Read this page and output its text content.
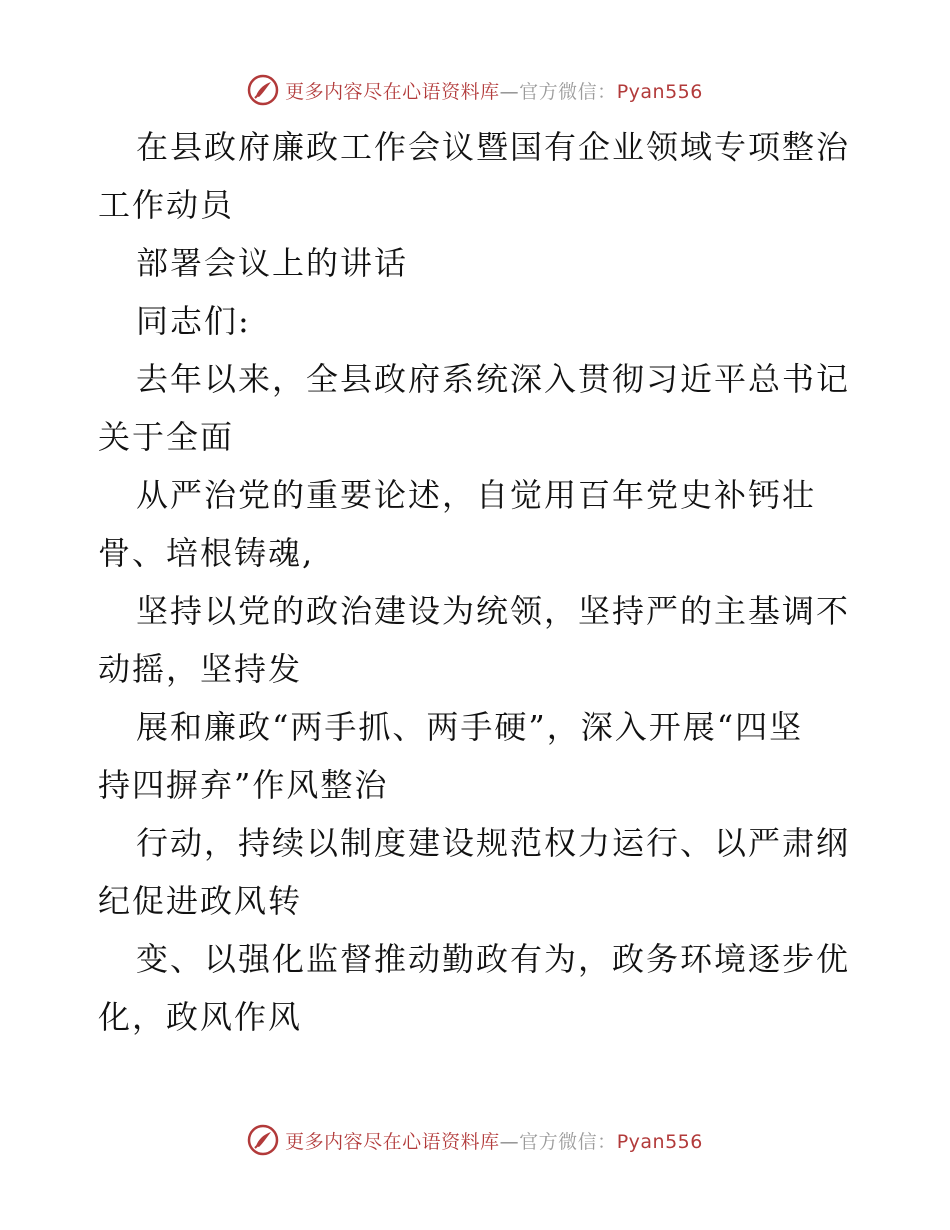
更多内容尽在心语资料库—官方微信：Pyan556
在县政府廉政工作会议暨国有企业领域专项整治
工作动员
部署会议上的讲话
同志们:
去年以来，全县政府系统深入贯彻习近平总书记
关于全面
从严治党的重要论述，自觉用百年党史补钙壮
骨、培根铸魂,
坚持以党的政治建设为统领，坚持严的主基调不
动摇，坚持发
展和廉政“两手抓、两手硬”，深入开展“四坚
持四摒弃”作风整治
行动，持续以制度建设规范权力运行、以严肃纲
纪促进政风转
变、以强化监督推动勤政有为，政务环境逐步优
化，政风作风
更多内容尽在心语资料库—官方微信：Pyan556
